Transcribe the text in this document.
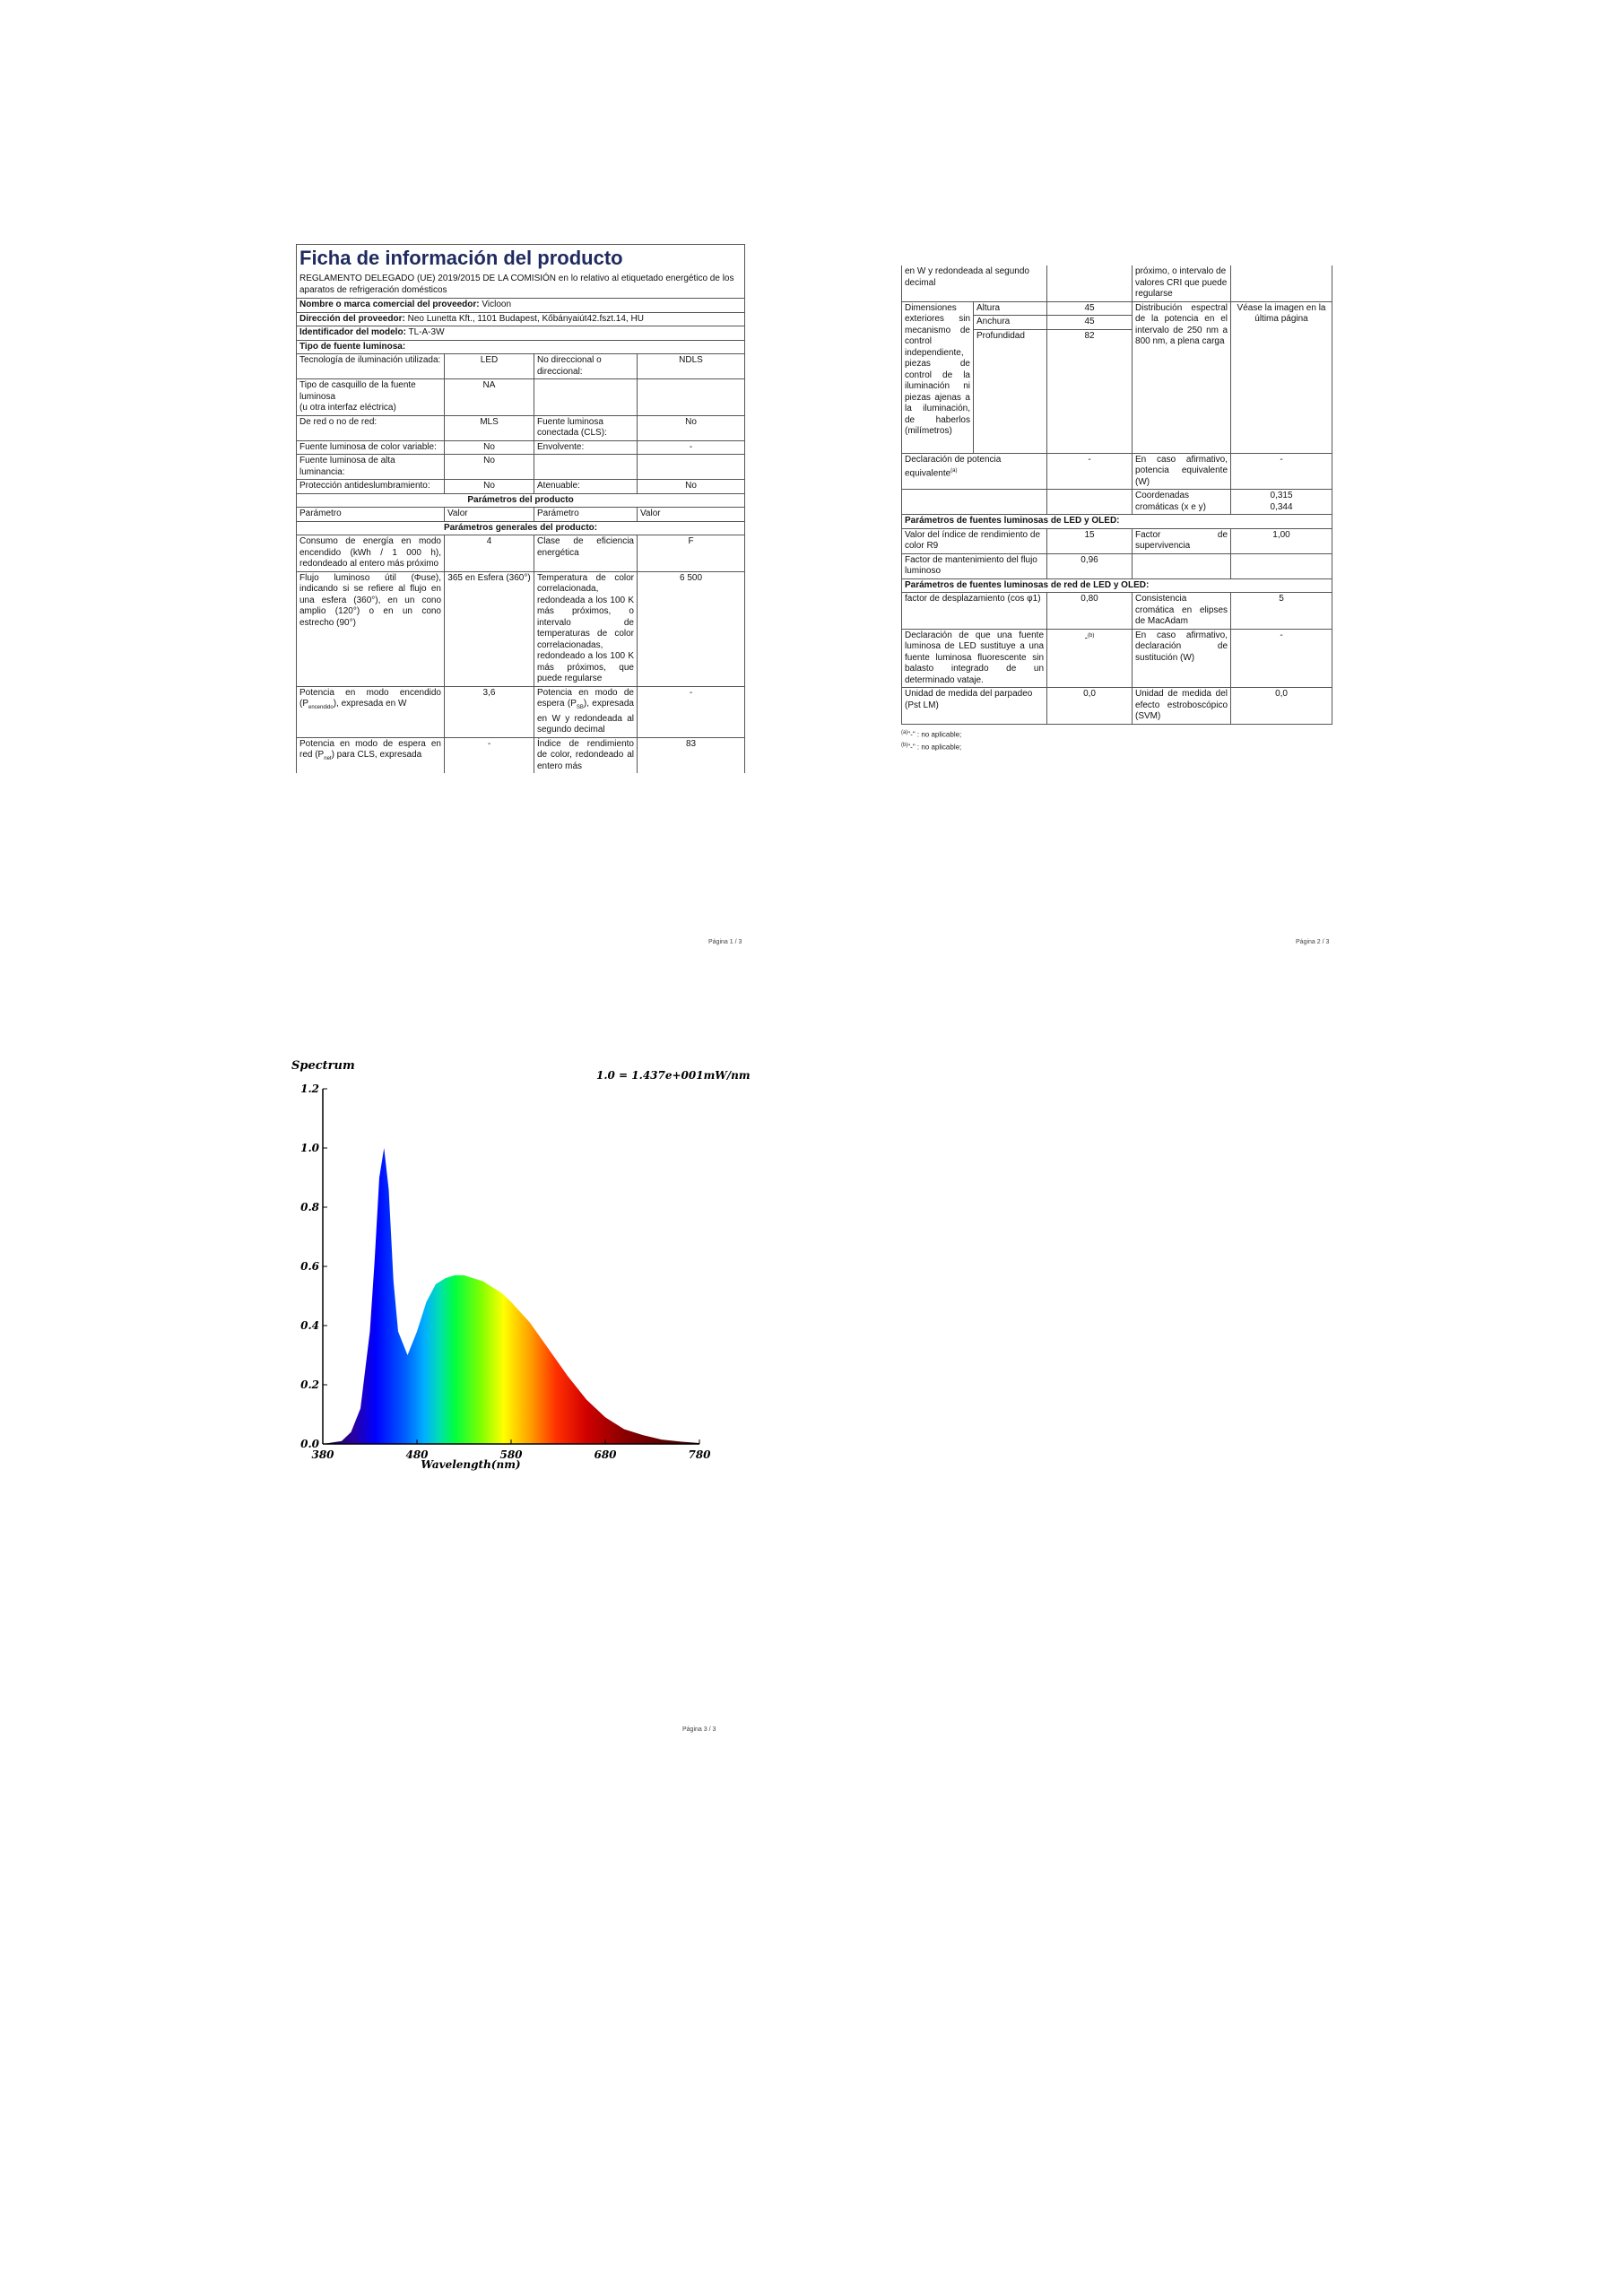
Ficha de información del producto
REGLAMENTO DELEGADO (UE) 2019/2015 DE LA COMISIÓN en lo relativo al etiquetado energético de los aparatos de refrigeración domésticos			

Nombre o marca comercial del proveedor: Vicloon			
Dirección del proveedor: Neo Lunetta Kft., 1101 Budapest, Kőbányaiút42.fszt.14, HU			
Identificador del modelo: TL-A-3W			
Tipo de fuente luminosa:			
Tecnología de iluminación utilizada:	LED	No direccional o direccional:	NDLS

Tipo de casquillo de la fuente luminosa
(u otra interfaz eléctrica)	NA		
De red o no de red:	MLS	Fuente luminosa conectada (CLS):	No
Fuente luminosa de color variable:	No	Envolvente:	-
Fuente luminosa de alta luminancia:	No		
Protección antideslumbramiento:	No	Atenuable:	No
Parámetros del producto			
Parámetro	Valor	Parámetro	Valor
Parámetros generales del producto:			
Consumo de energía en modo encendido (kWh / 1 000 h), redondeado al entero más próximo	4	Clase de eficiencia energética	F
Flujo luminoso útil (Φuse), indicando si se refiere al flujo en una esfera (360°), en un cono amplio (120°) o en un cono estrecho (90°)	365 en Esfera (360°)	Temperatura de color correlacionada, redondeada a los 100 K más próximos, o intervalo de temperaturas de color correlacionadas, redondeado a los 100 K más próximos, que puede regularse	6 500
Potencia en modo encendido $(P_{encendido})$, expresada en W	3,6	Potencia en modo de espera $(P_{SB})$, expresada en W y redondeada al segundo decimal	-
Potencia en modo de espera en red $(P_{net})$ para CLS, expresada	-	Índice de rendimiento de color, redondeado al entero más	83
Página 1 / 3
en W y redondeada al segundo decimal			próximo, o intervalo de valores CRI que puede regularse	
Dimensiones exteriores sin mecanismo de control independiente, piezas de control de la iluminación ni piezas ajenas a la iluminación, de haberlos (milímetros)	Altura	45	Distribución espectral de la potencia en el intervalo de 250 nm a 800 nm, a plena carga	Véase la imagen en la última página
	Anchura	45		
	Profundidad	82		
Declaración de potencia equivalente$^{(a)}$		-	En caso afirmativo, potencia equivalente (W)	-
			Coordenadas cromáticas (x e y)	0,315
0,344

Parámetros de fuentes luminosas de LED y OLED:				
Valor del índice de rendimiento de color R9		15	Factor de supervivencia	1,00
Factor de mantenimiento del flujo luminoso		0,96		
Parámetros de fuentes luminosas de red de LED y OLED:				
factor de desplazamiento (cos φ1)		0,80	Consistencia cromática en elipses de MacAdam	5
Declaración de que una fuente luminosa de LED sustituye a una fuente luminosa fluorescente sin balasto integrado de un determinado vataje.		-$^{(b)}$	En caso afirmativo, declaración de sustitución (W)	-
Unidad de medida del parpadeo (Pst LM)		0,0	Unidad de medida del efecto estroboscópico (SVM)	0,0
$^{(a)}$"-" : no aplicable;
$^{(b)}$"-" : no aplicable;
Página 2 / 3
0.0
0.2
0.4
0.6
0.8
1.0
1.2
380	480	580	680	780
Spectrum
1.0 = 1.437e+001mW/nm
Wavelength(nm)
Página 3 / 3
